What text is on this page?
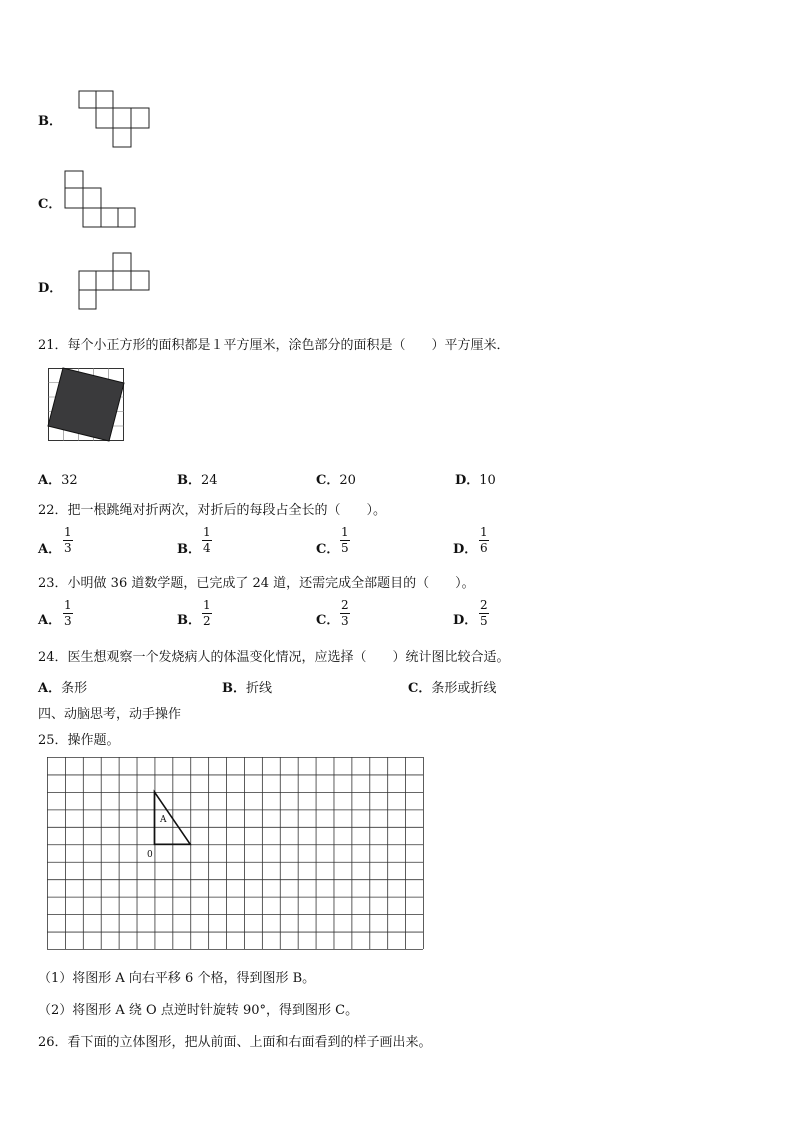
B．
C．
D．
21．每个小正方形的面积都是１平方厘米，涂色部分的面积是（　　）平方厘米．
A．32	B．24	C．20	D．10
22．把一根跳绳对折两次，对折后的每段占全长的（　　）。
A． $\frac{1}{3}$	B． $\frac{1}{4}$	C． $\frac{1}{5}$	D． $\frac{1}{6}$
23．小明做 36 道数学题，已完成了 24 道，还需完成全部题目的（　　）。
A． $\frac{1}{3}$	B． $\frac{1}{2}$	C． $\frac{2}{3}$	D． $\frac{2}{5}$
24．医生想观察一个发烧病人的体温变化情况，应选择（　　）统计图比较合适。
A．条形	B．折线	C．条形或折线
四、动脑思考，动手操作
25．操作题。
A
0
（1）将图形 A 向右平移 6 个格，得到图形 B。
（2）将图形 A 绕 O 点逆时针旋转 90°，得到图形 C。
26．看下面的立体图形，把从前面、上面和右面看到的样子画出来。
